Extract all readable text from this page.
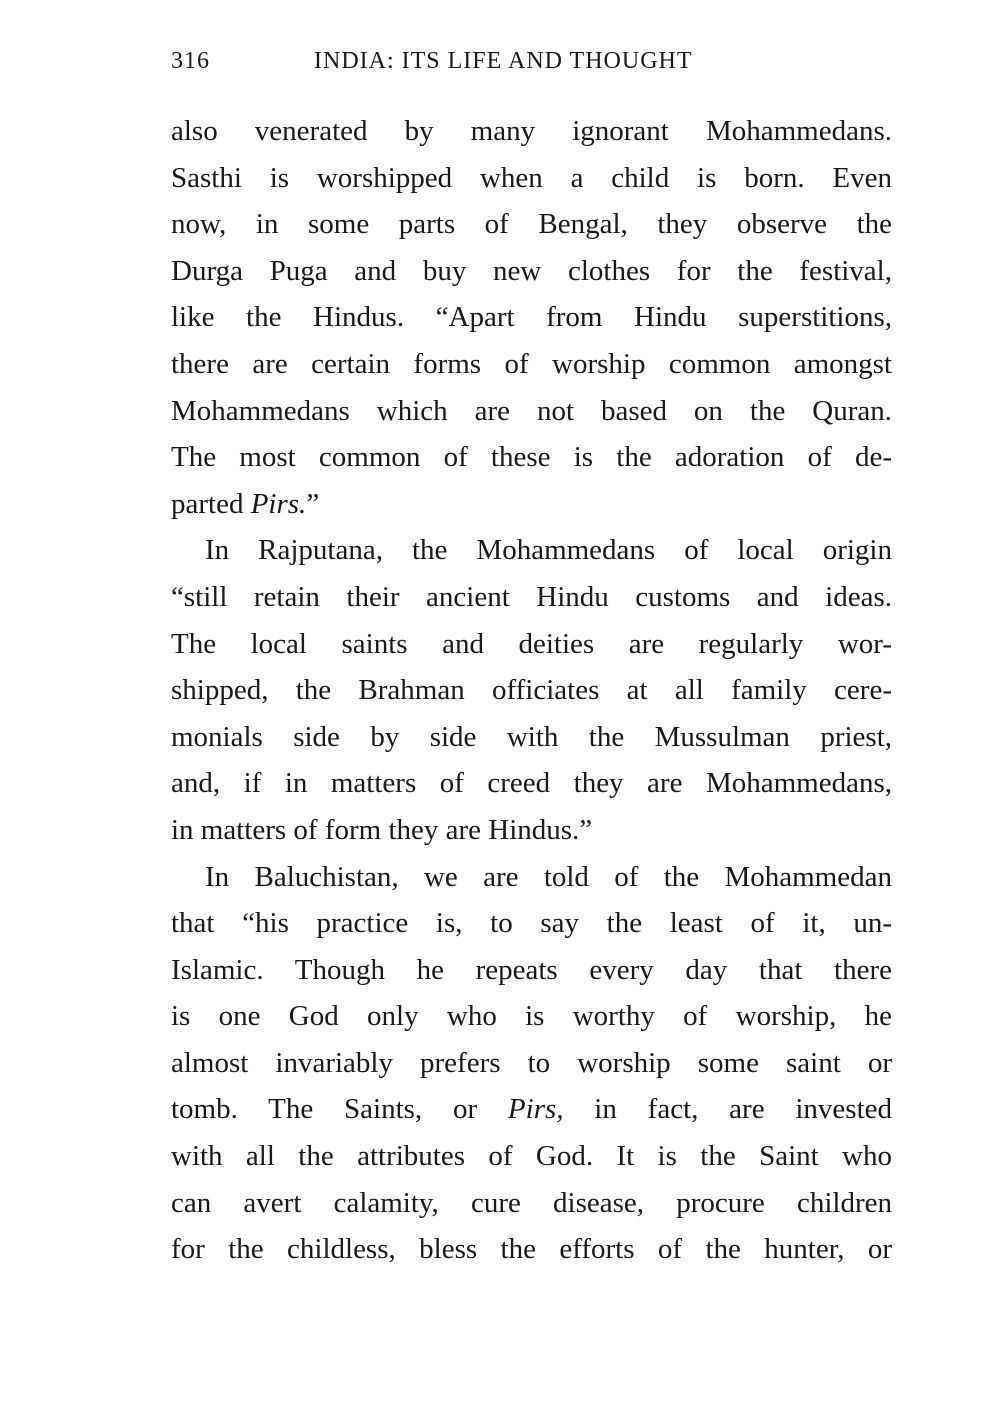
316	INDIA: ITS LIFE AND THOUGHT
also venerated by many ignorant Mohammedans.
Sasthi is worshipped when a child is born. Even
now, in some parts of Bengal, they observe the
Durga Puga and buy new clothes for the festival,
like the Hindus. “Apart from Hindu superstitions,
there are certain forms of worship common amongst
Mohammedans which are not based on the Quran.
The most common of these is the adoration of de-
parted Pirs.”
In Rajputana, the Mohammedans of local origin
“still retain their ancient Hindu customs and ideas.
The local saints and deities are regularly wor-
shipped, the Brahman officiates at all family cere-
monials side by side with the Mussulman priest,
and, if in matters of creed they are Mohammedans,
in matters of form they are Hindus.”
In Baluchistan, we are told of the Mohammedan
that “his practice is, to say the least of it, un-
Islamic. Though he repeats every day that there
is one God only who is worthy of worship, he
almost invariably prefers to worship some saint or
tomb. The Saints, or Pirs, in fact, are invested
with all the attributes of God. It is the Saint who
can avert calamity, cure disease, procure children
for the childless, bless the efforts of the hunter, or
